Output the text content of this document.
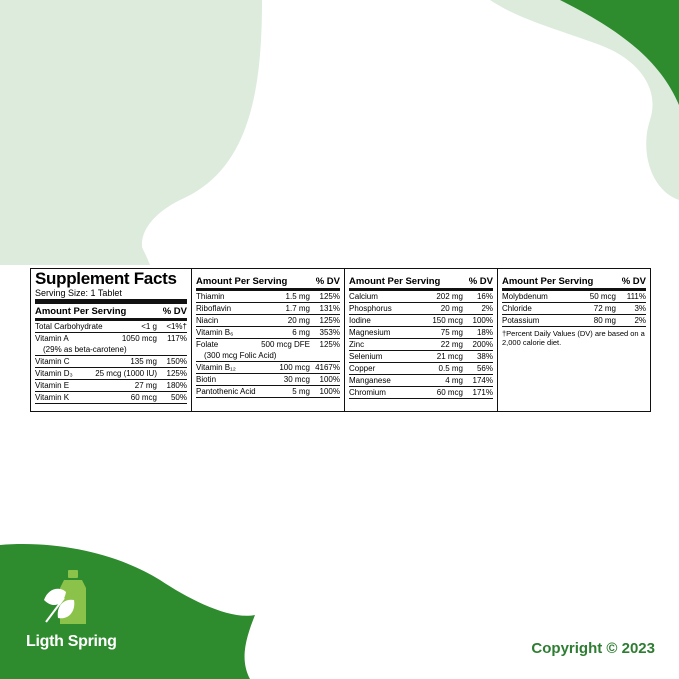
Supplement Facts
Serving Size: 1 Tablet
Amount Per Serving	% DV
Total Carbohydrate	<1 g	<1%†
Vitamin A	1050 mcg	117%
(29% as beta-carotene)
Vitamin C	135 mg	150%
Vitamin D₃	25 mcg (1000 IU)	125%
Vitamin E	27 mg	180%
Vitamin K	60 mcg	50%
Amount Per Serving	% DV
Thiamin	1.5 mg	125%
Riboflavin	1.7 mg	131%
Niacin	20 mg	125%
Vitamin B₆	6 mg	353%
Folate	500 mcg DFE	125%
(300 mcg Folic Acid)
Vitamin B₁₂	100 mcg 4167%
Biotin	30 mcg	100%
Pantothenic Acid	5 mg	100%
Amount Per Serving	% DV
Calcium	202 mg	16%
Phosphorus	20 mg	2%
Iodine	150 mcg	100%
Magnesium	75 mg	18%
Zinc	22 mg	200%
Selenium	21 mcg	38%
Copper	0.5 mg	56%
Manganese	4 mg	174%
Chromium	60 mcg	171%
Amount Per Serving	% DV
Molybdenum	50 mcg	111%
Chloride	72 mg	3%
Potassium	80 mg	2%
†Percent Daily Values (DV) are based on a 2,000 calorie diet.
Ligth Spring	Copyright © 2023
